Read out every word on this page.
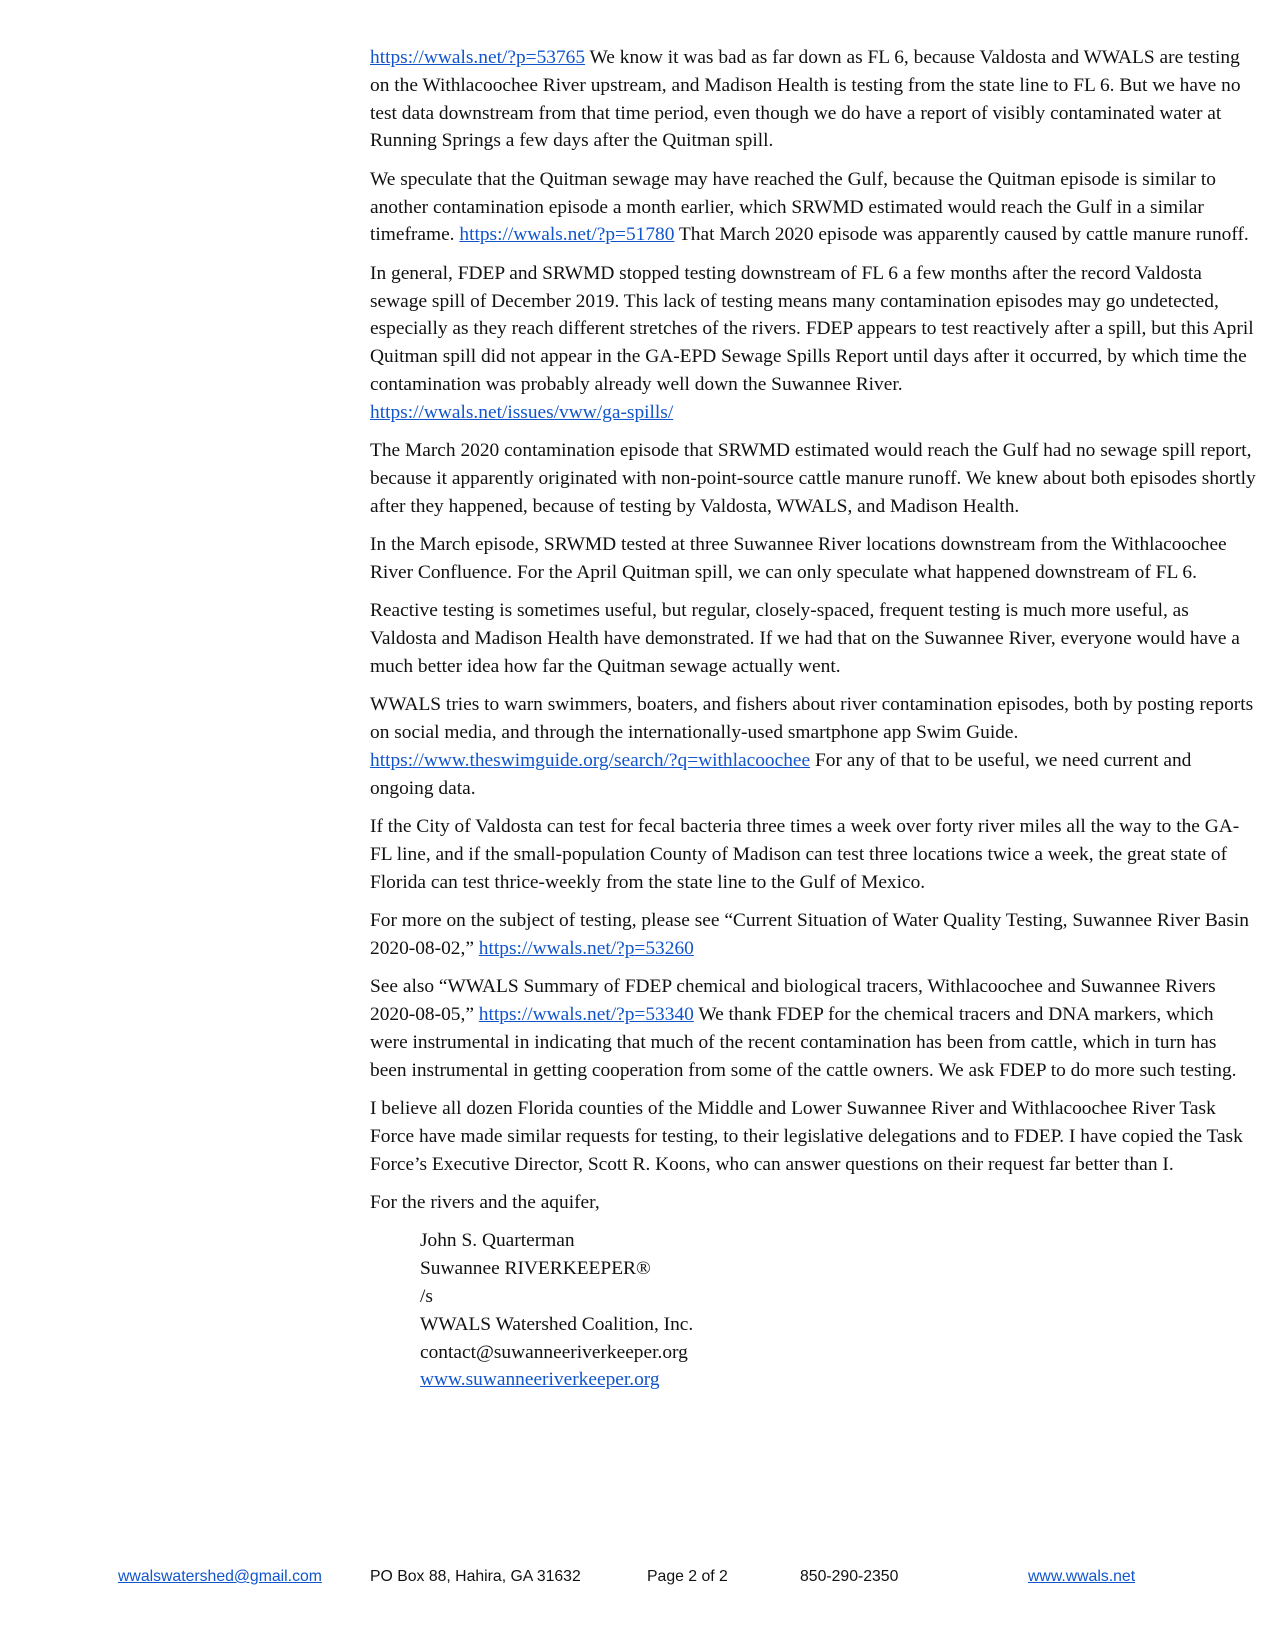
https://wwals.net/?p=53765 We know it was bad as far down as FL 6, because Valdosta and WWALS are testing on the Withlacoochee River upstream, and Madison Health is testing from the state line to FL 6. But we have no test data downstream from that time period, even though we do have a report of visibly contaminated water at Running Springs a few days after the Quitman spill.

We speculate that the Quitman sewage may have reached the Gulf, because the Quitman episode is similar to another contamination episode a month earlier, which SRWMD estimated would reach the Gulf in a similar timeframe. https://wwals.net/?p=51780 That March 2020 episode was apparently caused by cattle manure runoff.

In general, FDEP and SRWMD stopped testing downstream of FL 6 a few months after the record Valdosta sewage spill of December 2019. This lack of testing means many contamination episodes may go undetected, especially as they reach different stretches of the rivers. FDEP appears to test reactively after a spill, but this April Quitman spill did not appear in the GA-EPD Sewage Spills Report until days after it occurred, by which time the contamination was probably already well down the Suwannee River.
https://wwals.net/issues/vww/ga-spills/

The March 2020 contamination episode that SRWMD estimated would reach the Gulf had no sewage spill report, because it apparently originated with non-point-source cattle manure runoff. We knew about both episodes shortly after they happened, because of testing by Valdosta, WWALS, and Madison Health.

In the March episode, SRWMD tested at three Suwannee River locations downstream from the Withlacoochee River Confluence. For the April Quitman spill, we can only speculate what happened downstream of FL 6.

Reactive testing is sometimes useful, but regular, closely-spaced, frequent testing is much more useful, as Valdosta and Madison Health have demonstrated. If we had that on the Suwannee River, everyone would have a much better idea how far the Quitman sewage actually went.

WWALS tries to warn swimmers, boaters, and fishers about river contamination episodes, both by posting reports on social media, and through the internationally-used smartphone app Swim Guide.
https://www.theswimguide.org/search/?q=withlacoochee For any of that to be useful, we need current and ongoing data.

If the City of Valdosta can test for fecal bacteria three times a week over forty river miles all the way to the GA-FL line, and if the small-population County of Madison can test three locations twice a week, the great state of Florida can test thrice-weekly from the state line to the Gulf of Mexico.

For more on the subject of testing, please see “Current Situation of Water Quality Testing, Suwannee River Basin 2020-08-02,” https://wwals.net/?p=53260

See also “WWALS Summary of FDEP chemical and biological tracers, Withlacoochee and Suwannee Rivers 2020-08-05,” https://wwals.net/?p=53340 We thank FDEP for the chemical tracers and DNA markers, which were instrumental in indicating that much of the recent contamination has been from cattle, which in turn has been instrumental in getting cooperation from some of the cattle owners. We ask FDEP to do more such testing.

I believe all dozen Florida counties of the Middle and Lower Suwannee River and Withlacoochee River Task Force have made similar requests for testing, to their legislative delegations and to FDEP. I have copied the Task Force’s Executive Director, Scott R. Koons, who can answer questions on their request far better than I.

For the rivers and the aquifer,

John S. Quarterman
Suwannee RIVERKEEPER®
/s
WWALS Watershed Coalition, Inc.
contact@suwanneeriverkeeper.org
www.suwanneeriverkeeper.org
wwalswatershed@gmail.com	PO Box 88, Hahira, GA 31632	Page 2 of 2	850-290-2350	www.wwals.net
